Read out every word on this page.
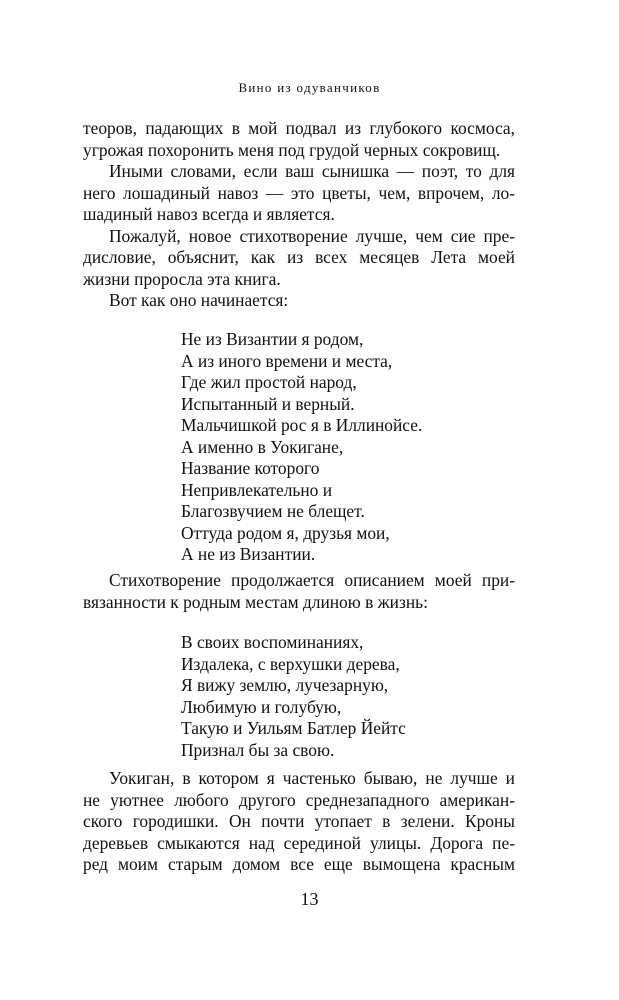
Вино из одуванчиков

теоров, падающих в мой подвал из глубокого космоса,
угрожая похоронить меня под грудой черных сокровищ.

Иными словами, если ваш сынишка — поэт, то для
него лошадиный навоз — это цветы, чем, впрочем, ло-
шадиный навоз всегда и является.

Пожалуй, новое стихотворение лучше, чем сие пре-
дисловие, объяснит, как из всех месяцев Лета моей
жизни проросла эта книга.

Вот как оно начинается:

Не из Византии я родом,
А из иного времени и места,
Где жил простой народ,
Испытанный и верный.
Мальчишкой рос я в Иллинойсе.
А именно в Уокигане,
Название которого
Непривлекательно и
Благозвучием не блещет.
Оттуда родом я, друзья мои,
А не из Византии.

Стихотворение продолжается описанием моей при-
вязанности к родным местам длиною в жизнь:

В своих воспоминаниях,
Издалека, с верхушки дерева,
Я вижу землю, лучезарную,
Любимую и голубую,
Такую и Уильям Батлер Йейтс
Признал бы за свою.

Уокиган, в котором я частенько бываю, не лучше и
не уютнее любого другого среднезападного американ-
ского городишки. Он почти утопает в зелени. Кроны
деревьев смыкаются над серединой улицы. Дорога пе-
ред моим старым домом все еще вымощена красным

13
